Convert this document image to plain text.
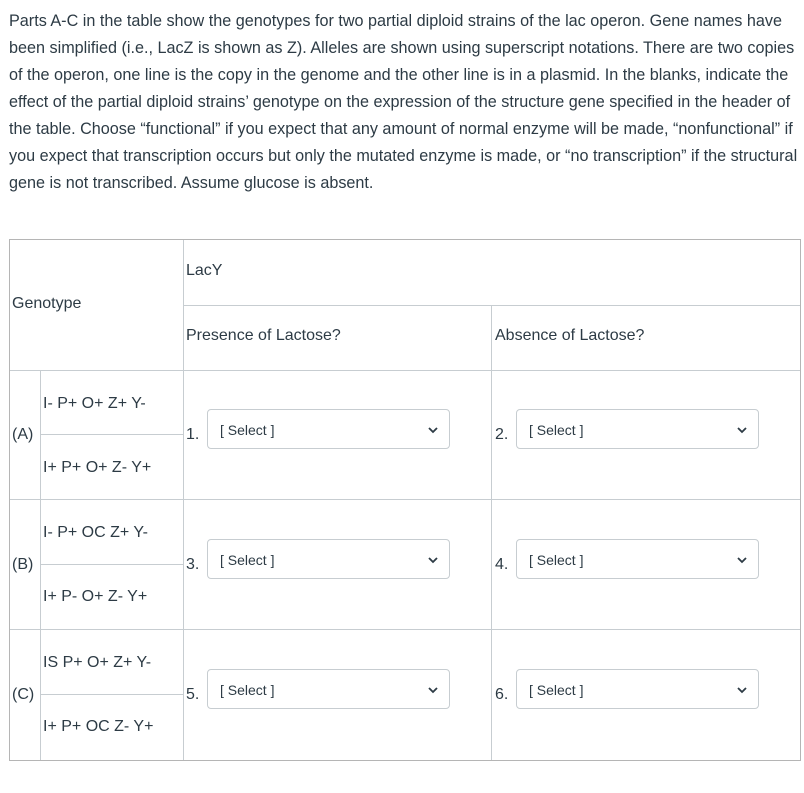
Parts A-C in the table show the genotypes for two partial diploid strains of the lac operon. Gene names have been simplified (i.e., LacZ is shown as Z). Alleles are shown using superscript notations. There are two copies of the operon, one line is the copy in the genome and the other line is in a plasmid. In the blanks, indicate the effect of the partial diploid strains’ genotype on the expression of the structure gene specified in the header of the table. Choose “functional” if you expect that any amount of normal enzyme will be made, “nonfunctional” if you expect that transcription occurs but only the mutated enzyme is made, or “no transcription” if the structural gene is not transcribed. Assume glucose is absent.

Genotype
LacY
Presence of Lactose?	Absence of Lactose?
(A)
I- P+ O+ Z+ Y-
I+ P+ O+ Z- Y+
1. [ Select ]	2. [ Select ]
(B)
I- P+ OC Z+ Y-
I+ P- O+ Z- Y+
3. [ Select ]	4. [ Select ]
(C)
IS P+ O+ Z+ Y-
I+ P+ OC Z- Y+
5. [ Select ]	6. [ Select ]
